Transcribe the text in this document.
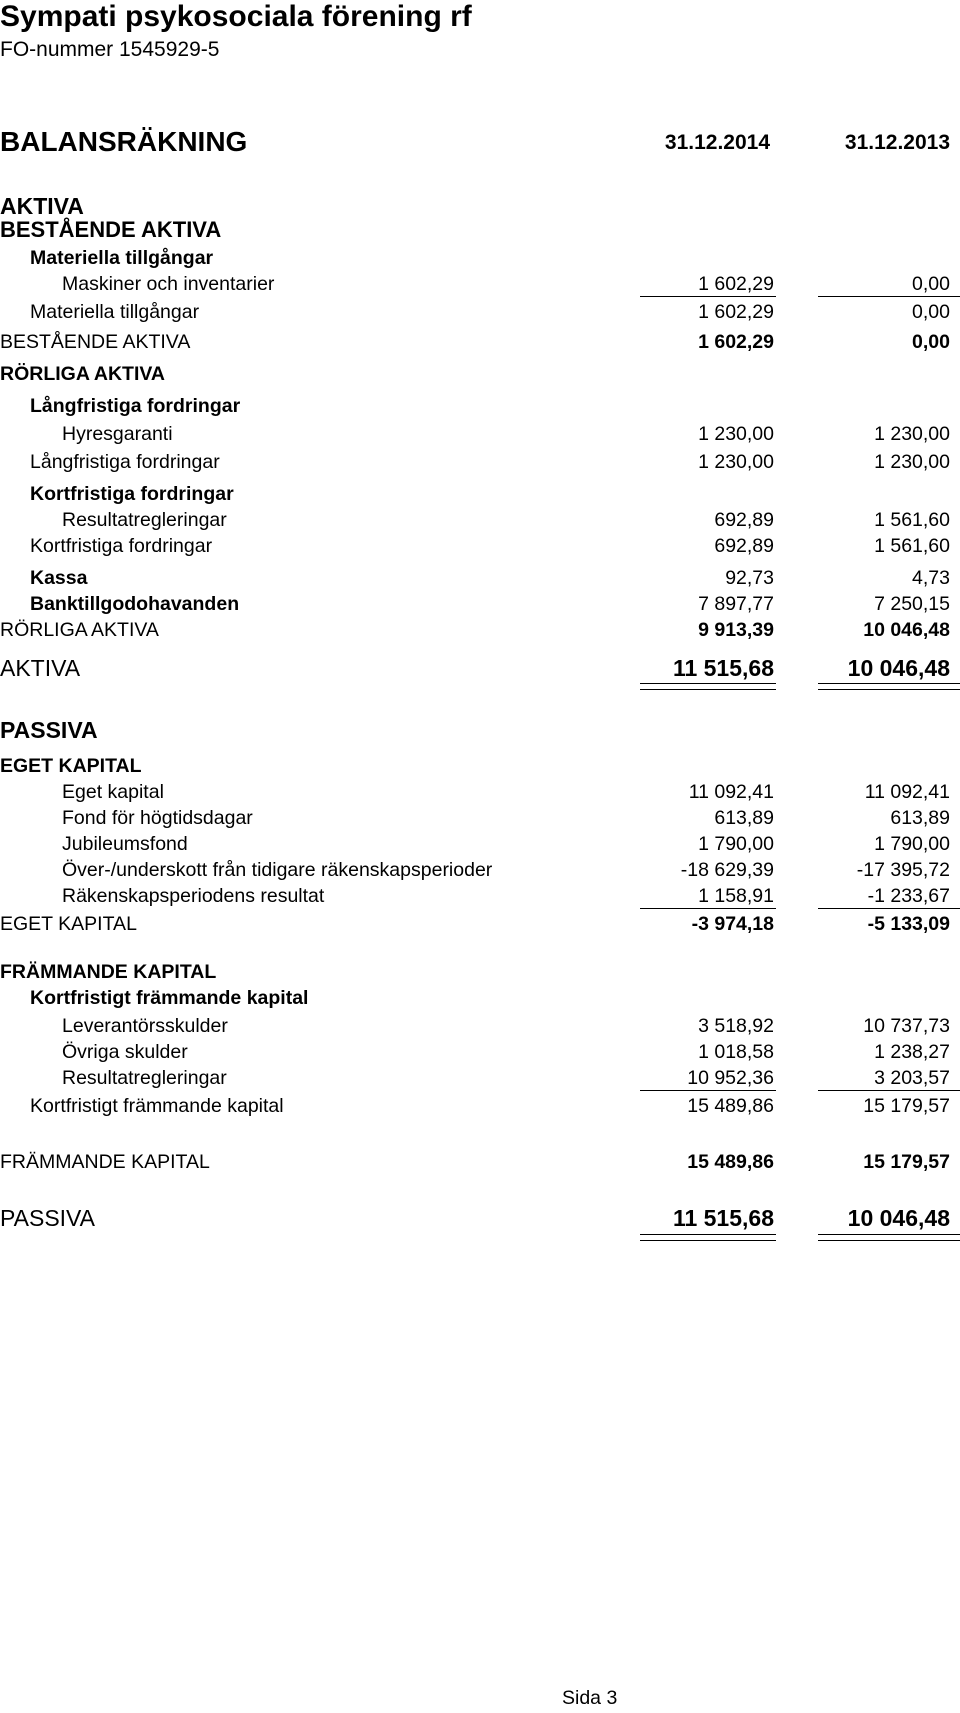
Sympati psykosociala förening rf
FO-nummer 1545929-5
BALANSRÄKNING	31.12.2014	31.12.2013
AKTIVA
BESTÅENDE AKTIVA
Materiella tillgångar
Maskiner och inventarier	1 602,29	0,00
Materiella tillgångar	1 602,29	0,00
BESTÅENDE AKTIVA	1 602,29	0,00
RÖRLIGA AKTIVA
Långfristiga fordringar
Hyresgaranti	1 230,00	1 230,00
Långfristiga fordringar	1 230,00	1 230,00
Kortfristiga fordringar
Resultatregleringar	692,89	1 561,60
Kortfristiga fordringar	692,89	1 561,60
Kassa	92,73	4,73
Banktillgodohavanden	7 897,77	7 250,15
RÖRLIGA AKTIVA	9 913,39	10 046,48
AKTIVA	11 515,68	10 046,48
PASSIVA
EGET KAPITAL
Eget kapital	11 092,41	11 092,41
Fond för högtidsdagar	613,89	613,89
Jubileumsfond	1 790,00	1 790,00
Över-/underskott från tidigare räkenskapsperioder	-18 629,39	-17 395,72
Räkenskapsperiodens resultat	1 158,91	-1 233,67
EGET KAPITAL	-3 974,18	-5 133,09
FRÄMMANDE KAPITAL
Kortfristigt främmande kapital
Leverantörsskulder	3 518,92	10 737,73
Övriga skulder	1 018,58	1 238,27
Resultatregleringar	10 952,36	3 203,57
Kortfristigt främmande kapital	15 489,86	15 179,57
FRÄMMANDE KAPITAL	15 489,86	15 179,57
PASSIVA	11 515,68	10 046,48
Sida 3
